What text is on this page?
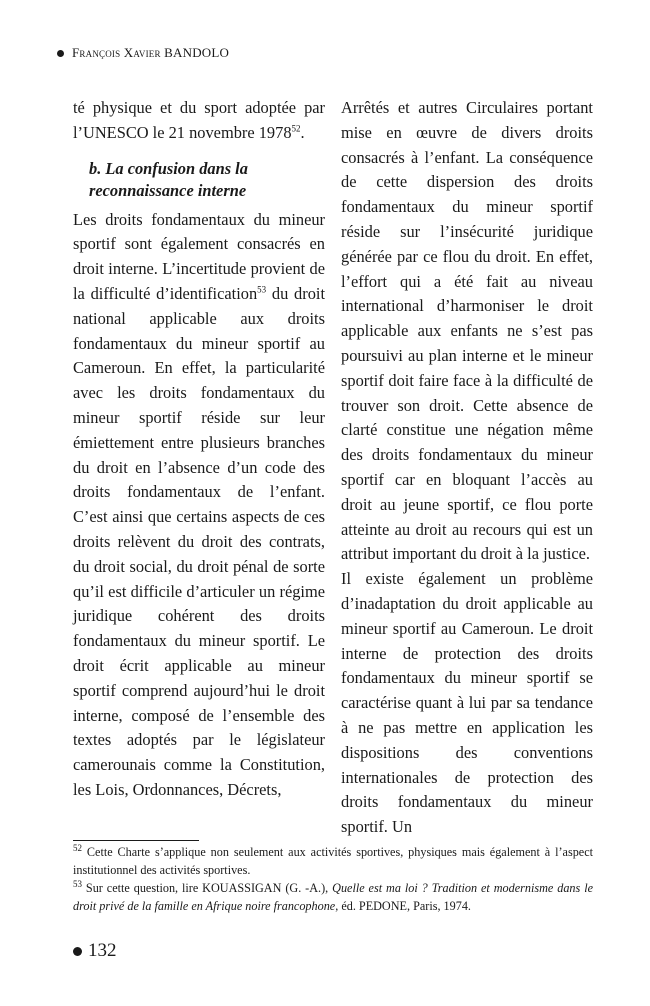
François Xavier BANDOLO

té physique et du sport adoptée par l’UNESCO le 21 novembre 1978$^{52}$.

b. La confusion dans la reconnaissance interne

Les droits fondamentaux du mineur sportif sont également consacrés en droit interne. L’incertitude provient de la difficulté d’identification$^{53}$ du droit national applicable aux droits fondamentaux du mineur sportif au Cameroun. En effet, la particularité avec les droits fondamentaux du mineur sportif réside sur leur émiettement entre plusieurs branches du droit en l’absence d’un code des droits fondamentaux de l’enfant. C’est ainsi que certains aspects de ces droits relèvent du droit des contrats, du droit social, du droit pénal de sorte qu’il est difficile d’articuler un régime juridique cohérent des droits fondamentaux du mineur sportif. Le droit écrit applicable au mineur sportif comprend aujourd’hui le droit interne, composé de l’ensemble des textes adoptés par le législateur camerounais comme la Constitution, les Lois, Ordonnances, Décrets,

Arrêtés et autres Circulaires portant mise en œuvre de divers droits consacrés à l’enfant. La conséquence de cette dispersion des droits fondamentaux du mineur sportif réside sur l’insécurité juridique générée par ce flou du droit. En effet, l’effort qui a été fait au niveau international d’harmoniser le droit applicable aux enfants ne s’est pas poursuivi au plan interne et le mineur sportif doit faire face à la difficulté de trouver son droit. Cette absence de clarté constitue une négation même des droits fondamentaux du mineur sportif car en bloquant l’accès au droit au jeune sportif, ce flou porte atteinte au droit au recours qui est un attribut important du droit à la justice.

Il existe également un problème d’inadaptation du droit applicable au mineur sportif au Cameroun. Le droit interne de protection des droits fondamentaux du mineur sportif se caractérise quant à lui par sa tendance à ne pas mettre en application les dispositions des conventions internationales de protection des droits fondamentaux du mineur sportif. Un

$^{52}$ Cette Charte s’applique non seulement aux activités sportives, physiques mais également à l’aspect institutionnel des activités sportives.

$^{53}$ Sur cette question, lire KOUASSIGAN (G. -A.), Quelle est ma loi ? Tradition et modernisme dans le droit privé de la famille en Afrique noire francophone, éd. PEDONE, Paris, 1974.

132
